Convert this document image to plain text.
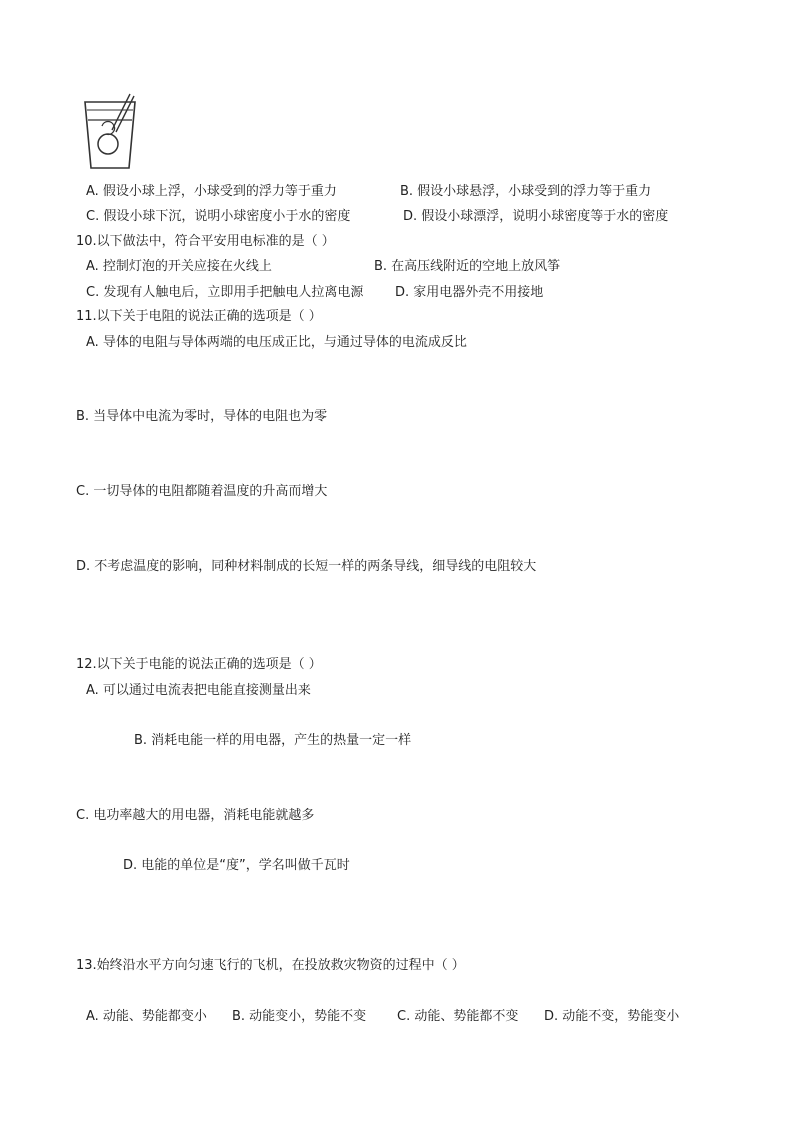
A. 假设小球上浮，小球受到的浮力等于重力	B. 假设小球悬浮，小球受到的浮力等于重力
C. 假设小球下沉，说明小球密度小于水的密度	D. 假设小球漂浮，说明小球密度等于水的密度
10.以下做法中，符合平安用电标准的是（ ）
A. 控制灯泡的开关应接在火线上	B. 在高压线附近的空地上放风筝
C. 发现有人触电后，立即用手把触电人拉离电源 D. 家用电器外壳不用接地
11.以下关于电阻的说法正确的选项是（ ）
A. 导体的电阻与导体两端的电压成正比，与通过导体的电流成反比
B. 当导体中电流为零时，导体的电阻也为零
C. 一切导体的电阻都随着温度的升高而增大
D. 不考虑温度的影响，同种材料制成的长短一样的两条导线，细导线的电阻较大
12.以下关于电能的说法正确的选项是（ ）
A. 可以通过电流表把电能直接测量出来
B. 消耗电能一样的用电器，产生的热量一定一样
C. 电功率越大的用电器，消耗电能就越多
D. 电能的单位是“度”，学名叫做千瓦时
13.始终沿水平方向匀速飞行的飞机，在投放救灾物资的过程中（ ）
A. 动能、势能都变小 B. 动能变小，势能不变 C. 动能、势能都不变 D. 动能不变，势能变小
